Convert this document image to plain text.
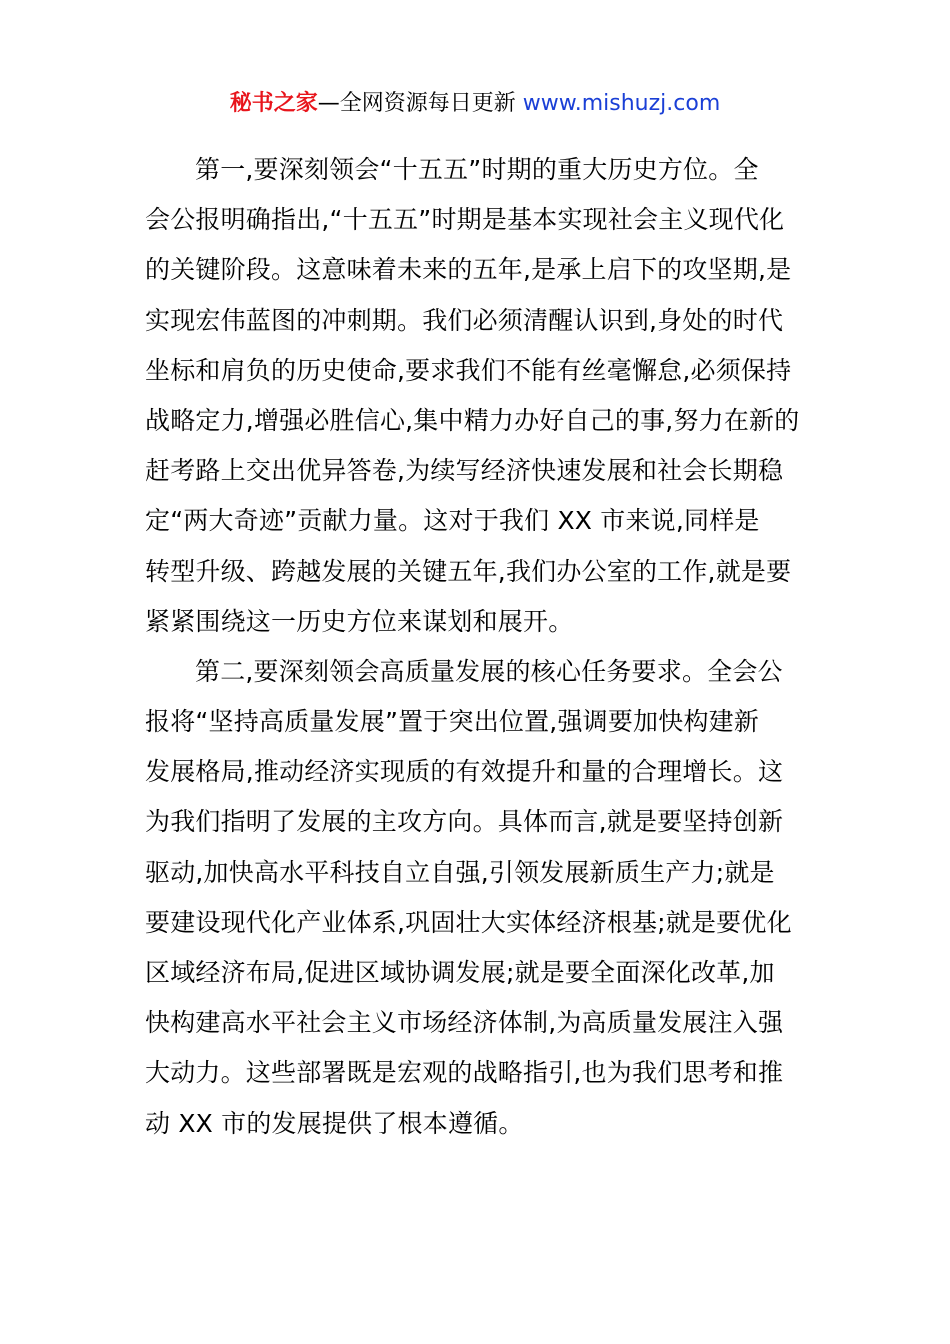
秘书之家—全网资源每日更新 www.mishuzj.com
第一,要深刻领会“十五五”时期的重大历史方位。全
会公报明确指出,“十五五”时期是基本实现社会主义现代化
的关键阶段。这意味着未来的五年,是承上启下的攻坚期,是
实现宏伟蓝图的冲刺期。我们必须清醒认识到,身处的时代
坐标和肩负的历史使命,要求我们不能有丝毫懈怠,必须保持
战略定力,增强必胜信心,集中精力办好自己的事,努力在新的
赶考路上交出优异答卷,为续写经济快速发展和社会长期稳
定“两大奇迹”贡献力量。这对于我们 XX 市来说,同样是
转型升级、跨越发展的关键五年,我们办公室的工作,就是要
紧紧围绕这一历史方位来谋划和展开。
第二,要深刻领会高质量发展的核心任务要求。全会公
报将“坚持高质量发展”置于突出位置,强调要加快构建新
发展格局,推动经济实现质的有效提升和量的合理增长。这
为我们指明了发展的主攻方向。具体而言,就是要坚持创新
驱动,加快高水平科技自立自强,引领发展新质生产力;就是
要建设现代化产业体系,巩固壮大实体经济根基;就是要优化
区域经济布局,促进区域协调发展;就是要全面深化改革,加
快构建高水平社会主义市场经济体制,为高质量发展注入强
大动力。这些部署既是宏观的战略指引,也为我们思考和推
动 XX 市的发展提供了根本遵循。
